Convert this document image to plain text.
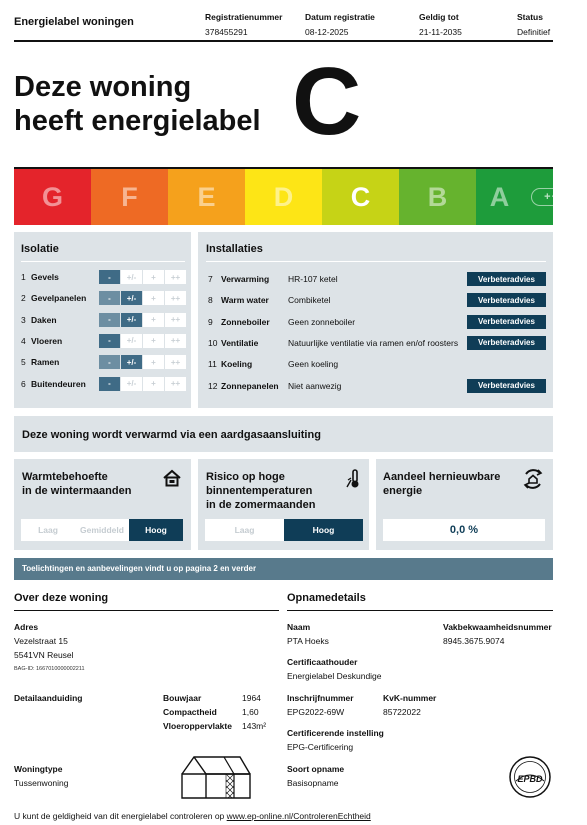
Energielabel woningen	Registratienummer
378455291
Datum registratie
08-12-2025
Geldig tot
21-11-2035
Status
Definitief
Deze woning
heeft energielabel C
G F E D C B A	++++
Isolatie
1 Gevels	-	+/-	+	++
2 Gevelpanelen	-	+/-	+	++
3 Daken	-	+/-	+	++
4 Vloeren	-	+/-	+	++
5 Ramen	-	+/-	+	++
6 Buitendeuren	-	+/-	+	++
Installaties
7 Verwarming	HR-107 ketel	Verbeteradvies
8 Warm water	Combiketel	Verbeteradvies
9 Zonneboiler	Geen zonneboiler	Verbeteradvies
10 Ventilatie	Natuurlijke ventilatie via ramen en/of roosters	Verbeteradvies
11 Koeling	Geen koeling
12 Zonnepanelen	Niet aanwezig	Verbeteradvies
Deze woning wordt verwarmd via een aardgasaansluiting
Warmtebehoefte
in de wintermaanden
Laag	Gemiddeld	Hoog
Risico op hoge
binnentemperaturen
in de zomermaanden
Laag	Hoog
Aandeel hernieuwbare
energie
0,0 %
Toelichtingen en aanbevelingen vindt u op pagina 2 en verder
Over deze woning
Adres
Vezelstraat 15
5541VN Reusel
BAG-ID: 1667010000002211
Detailaanduiding	Bouwjaar	1964
Compactheid	1,60
Vloeroppervlakte 143m²
Woningtype
Tussenwoning
Opnamedetails
Naam
PTA Hoeks
Vakbekwaamheidsnummer
8945.3675.9074
Certificaathouder
Energielabel Deskundige
Inschrijfnummer
EPG2022-69W
KvK-nummer
85722022
Certificerende instelling
EPG-Certificering
Soort opname
Basisopname	EPBD
U kunt de geldigheid van dit energielabel controleren op www.ep-online.nl/ControlerenEchtheid
